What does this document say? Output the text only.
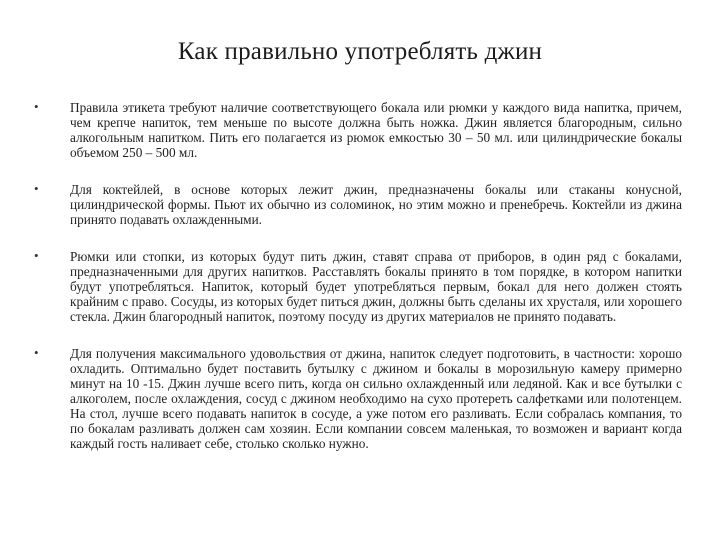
Как правильно употреблять джин
• Правила этикета требуют наличие соответствующего бокала или рюмки у каждого вида напитка, причем, чем крепче напиток, тем меньше по высоте должна быть ножка. Джин является благородным, сильно алкогольным напитком. Пить его полагается из рюмок емкостью 30 – 50 мл. или цилиндрические бокалы объемом 250 – 500 мл.
• Для коктейлей, в основе которых лежит джин, предназначены бокалы или стаканы конусной, цилиндрической формы. Пьют их обычно из соломинок, но этим можно и пренебречь. Коктейли из джина принято подавать охлажденными.
• Рюмки или стопки, из которых будут пить джин, ставят справа от приборов, в один ряд с бокалами, предназначенными для других напитков. Расставлять бокалы принято в том порядке, в котором напитки будут употребляться. Напиток, который будет употребляться первым, бокал для него должен стоять крайним с право. Сосуды, из которых будет питься джин, должны быть сделаны их хрусталя, или хорошего стекла. Джин благородный напиток, поэтому посуду из других материалов не принято подавать.
• Для получения максимального удовольствия от джина, напиток следует подготовить, в частности: хорошо охладить. Оптимально будет поставить бутылку с джином и бокалы в морозильную камеру примерно минут на 10 -15. Джин лучше всего пить, когда он сильно охлажденный или ледяной. Как и все бутылки с алкоголем, после охлаждения, сосуд с джином необходимо на сухо протереть салфетками или полотенцем. На стол, лучше всего подавать напиток в сосуде, а уже потом его разливать. Если собралась компания, то по бокалам разливать должен сам хозяин. Если компании совсем маленькая, то возможен и вариант когда каждый гость наливает себе, столько сколько нужно.
